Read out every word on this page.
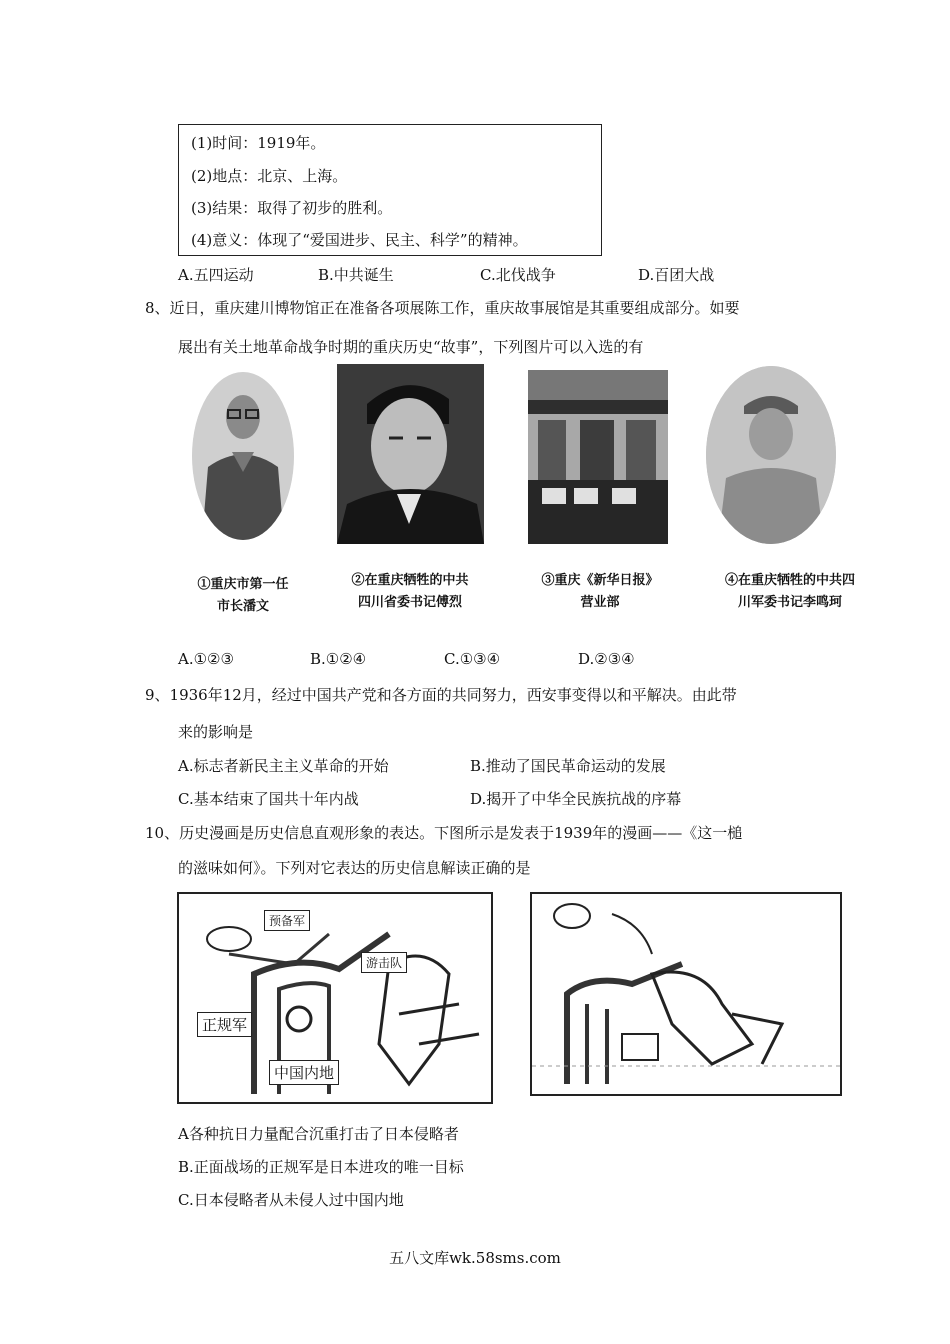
(1)时间：1919年。
(2)地点：北京、上海。
(3)结果：取得了初步的胜利。
(4)意义：体现了“爱国进步、民主、科学”的精神。
A.五四运动	B.中共诞生	C.北伐战争	D.百团大战
8、近日，重庆建川博物馆正在准备各项展陈工作，重庆故事展馆是其重要组成部分。如要
展出有关土地革命战争时期的重庆历史“故事”，下列图片可以入选的有
①重庆市第一任
市长潘文
②在重庆牺牲的中共
四川省委书记傅烈
③重庆《新华日报》
营业部
④在重庆牺牲的中共四
川军委书记李鸣珂
A.①②③	B.①②④	C.①③④	D.②③④
9、1936年12月，经过中国共产党和各方面的共同努力，西安事变得以和平解决。由此带
来的影响是
A.标志者新民主主义革命的开始	B.推动了国民革命运动的发展
C.基本结束了国共十年内战	D.揭开了中华全民族抗战的序幕
10、历史漫画是历史信息直观形象的表达。下图所示是发表于1939年的漫画——《这一槌
的滋味如何》。下列对它表达的历史信息解读正确的是
预备军
游击队
正规军
中国内地
A各种抗日力量配合沉重打击了日本侵略者
B.正面战场的正规军是日本进攻的唯一目标
C.日本侵略者从未侵人过中国内地
五八文库wk.58sms.com
